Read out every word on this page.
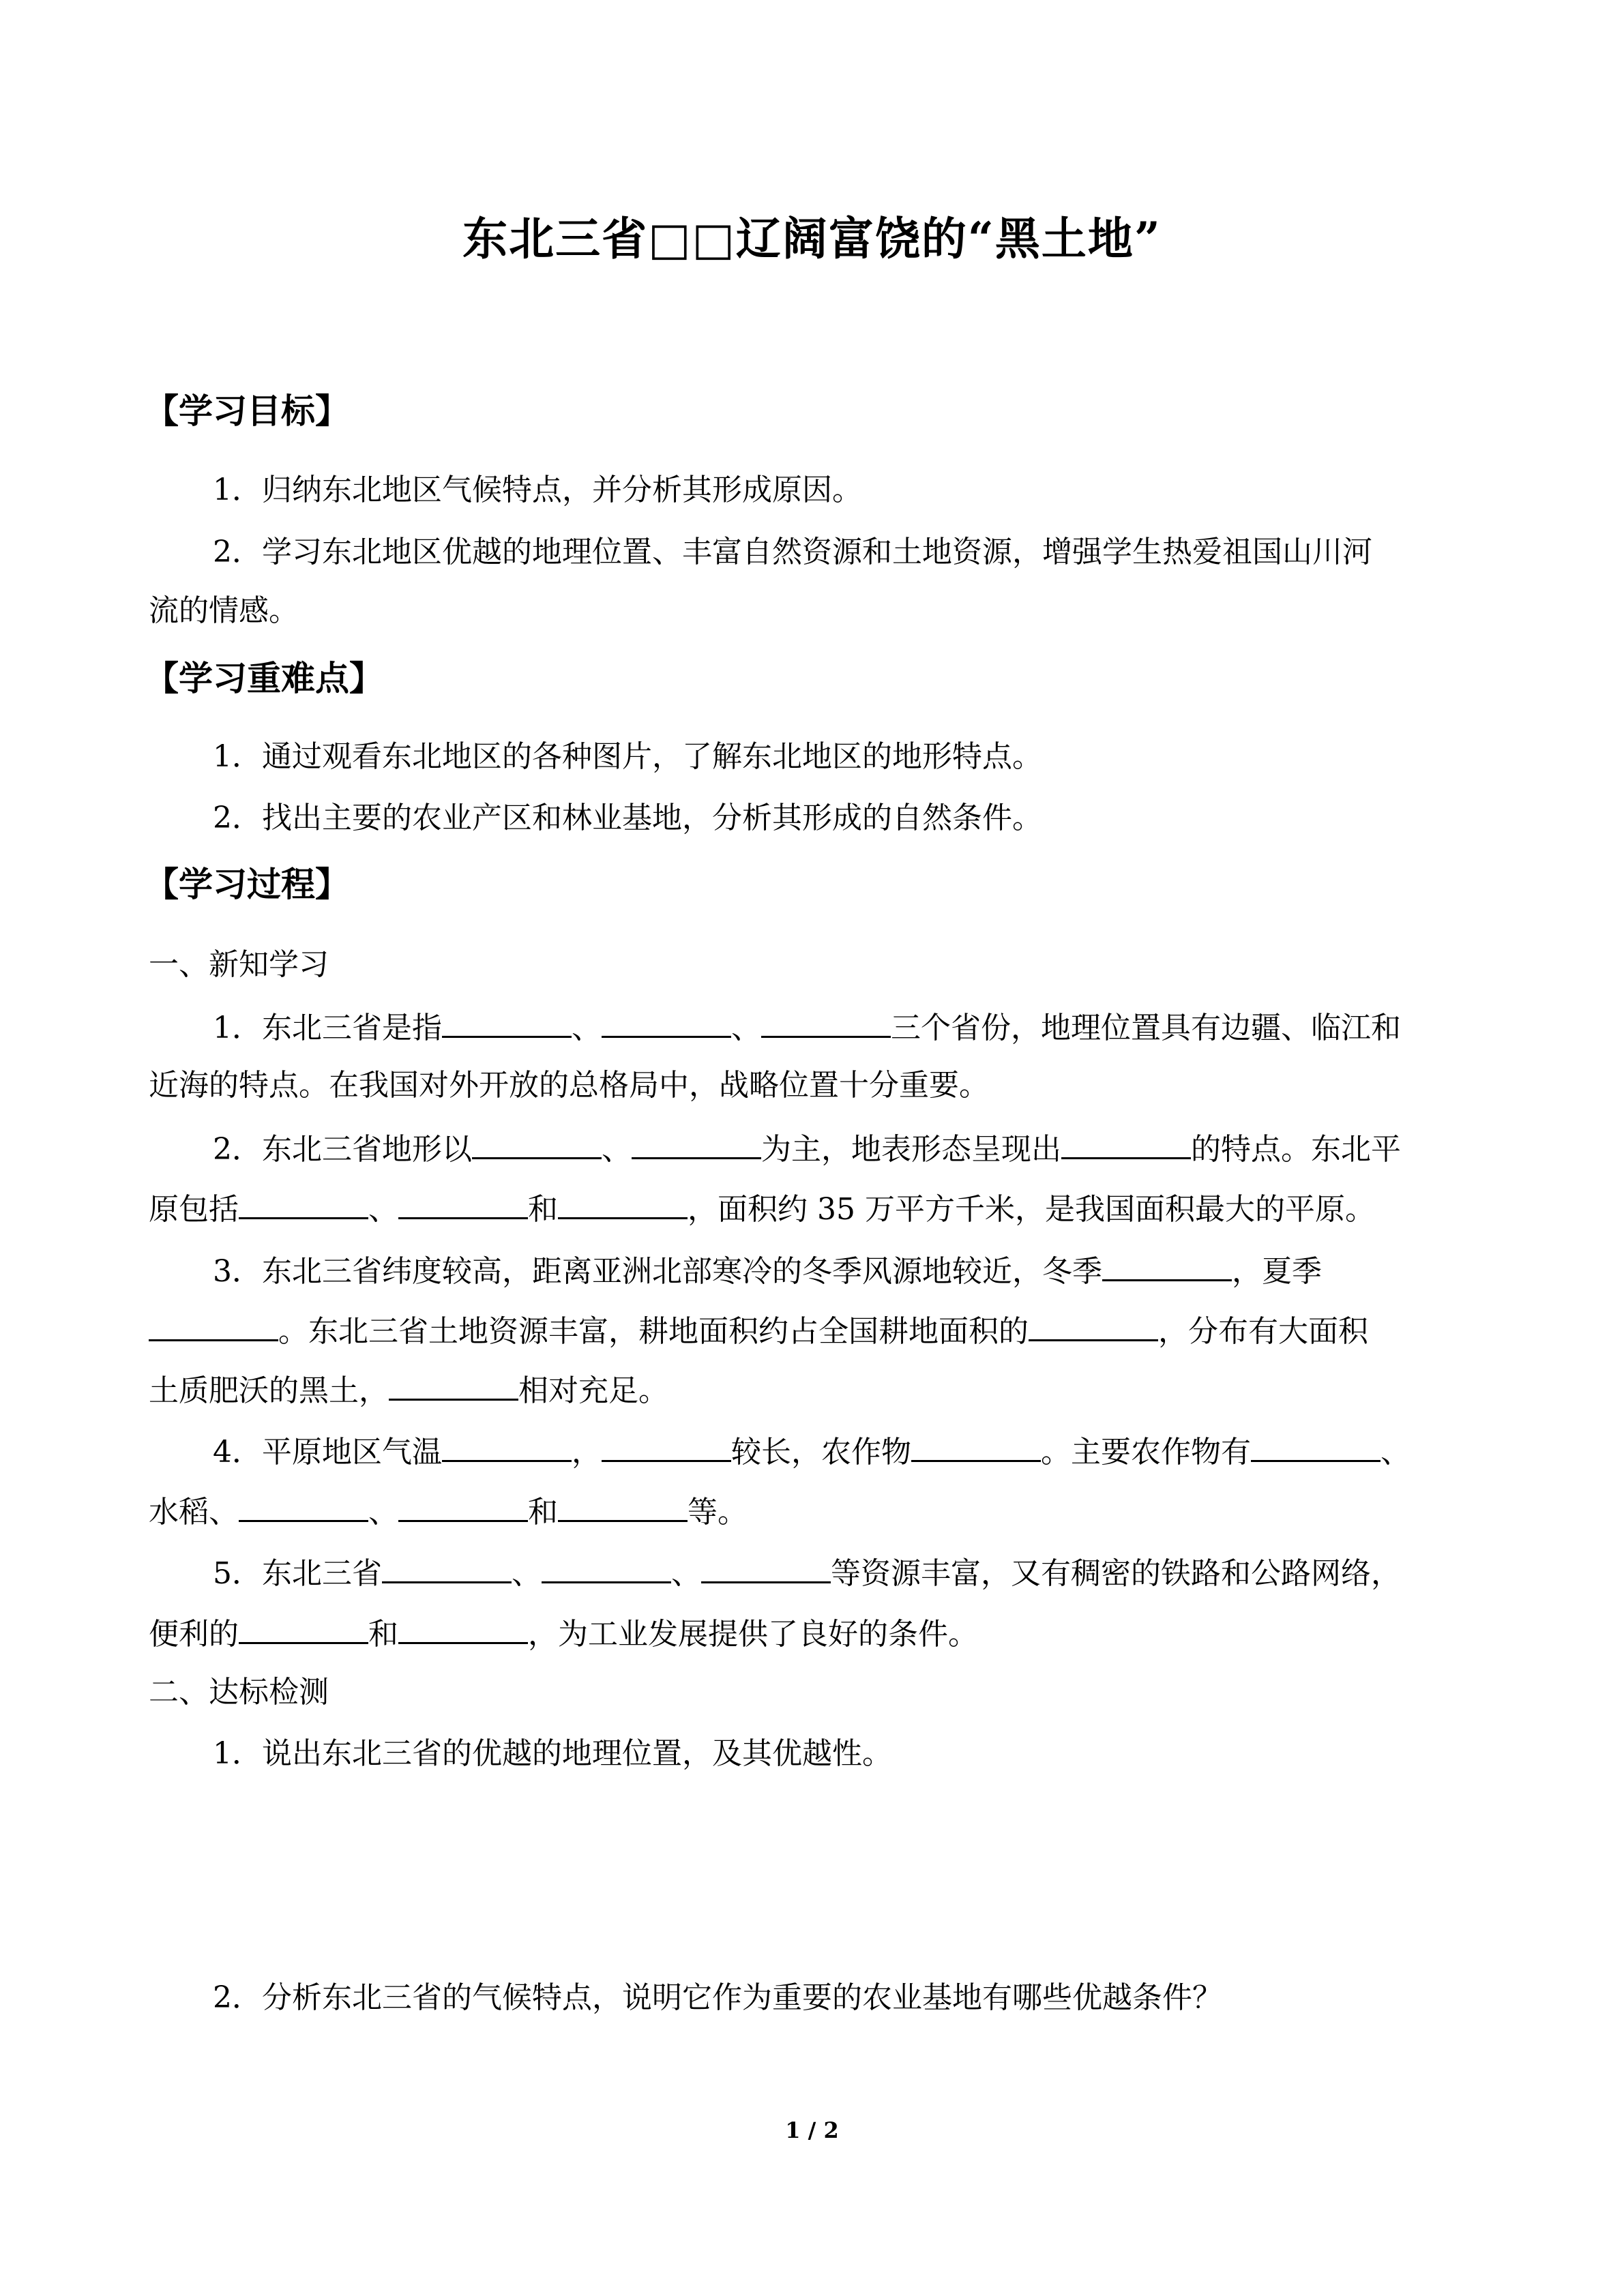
东北三省□□辽阔富饶的“黑土地”
【学习目标】
1．归纳东北地区气候特点，并分析其形成原因。
2．学习东北地区优越的地理位置、丰富自然资源和土地资源，增强学生热爱祖国山川河
流的情感。
【学习重难点】
1．通过观看东北地区的各种图片，了解东北地区的地形特点。
2．找出主要的农业产区和林业基地，分析其形成的自然条件。
【学习过程】
一、新知学习
1．东北三省是指	、	、	三个省份，地理位置具有边疆、临江和
近海的特点。在我国对外开放的总格局中，战略位置十分重要。
2．东北三省地形以	、	为主，地表形态呈现出	的特点。东北平
原包括	、	和	，面积约 35 万平方千米，是我国面积最大的平原。
3．东北三省纬度较高，距离亚洲北部寒冷的冬季风源地较近，冬季	，夏季
。东北三省土地资源丰富，耕地面积约占全国耕地面积的	，分布有大面积
土质肥沃的黑土，	相对充足。
4．平原地区气温	，	较长，农作物	。主要农作物有	、
水稻、	、	和	等。
5．东北三省	、	、	等资源丰富，又有稠密的铁路和公路网络，
便利的	和	，为工业发展提供了良好的条件。
二、达标检测
1．说出东北三省的优越的地理位置，及其优越性。
2．分析东北三省的气候特点，说明它作为重要的农业基地有哪些优越条件？
1 / 2
